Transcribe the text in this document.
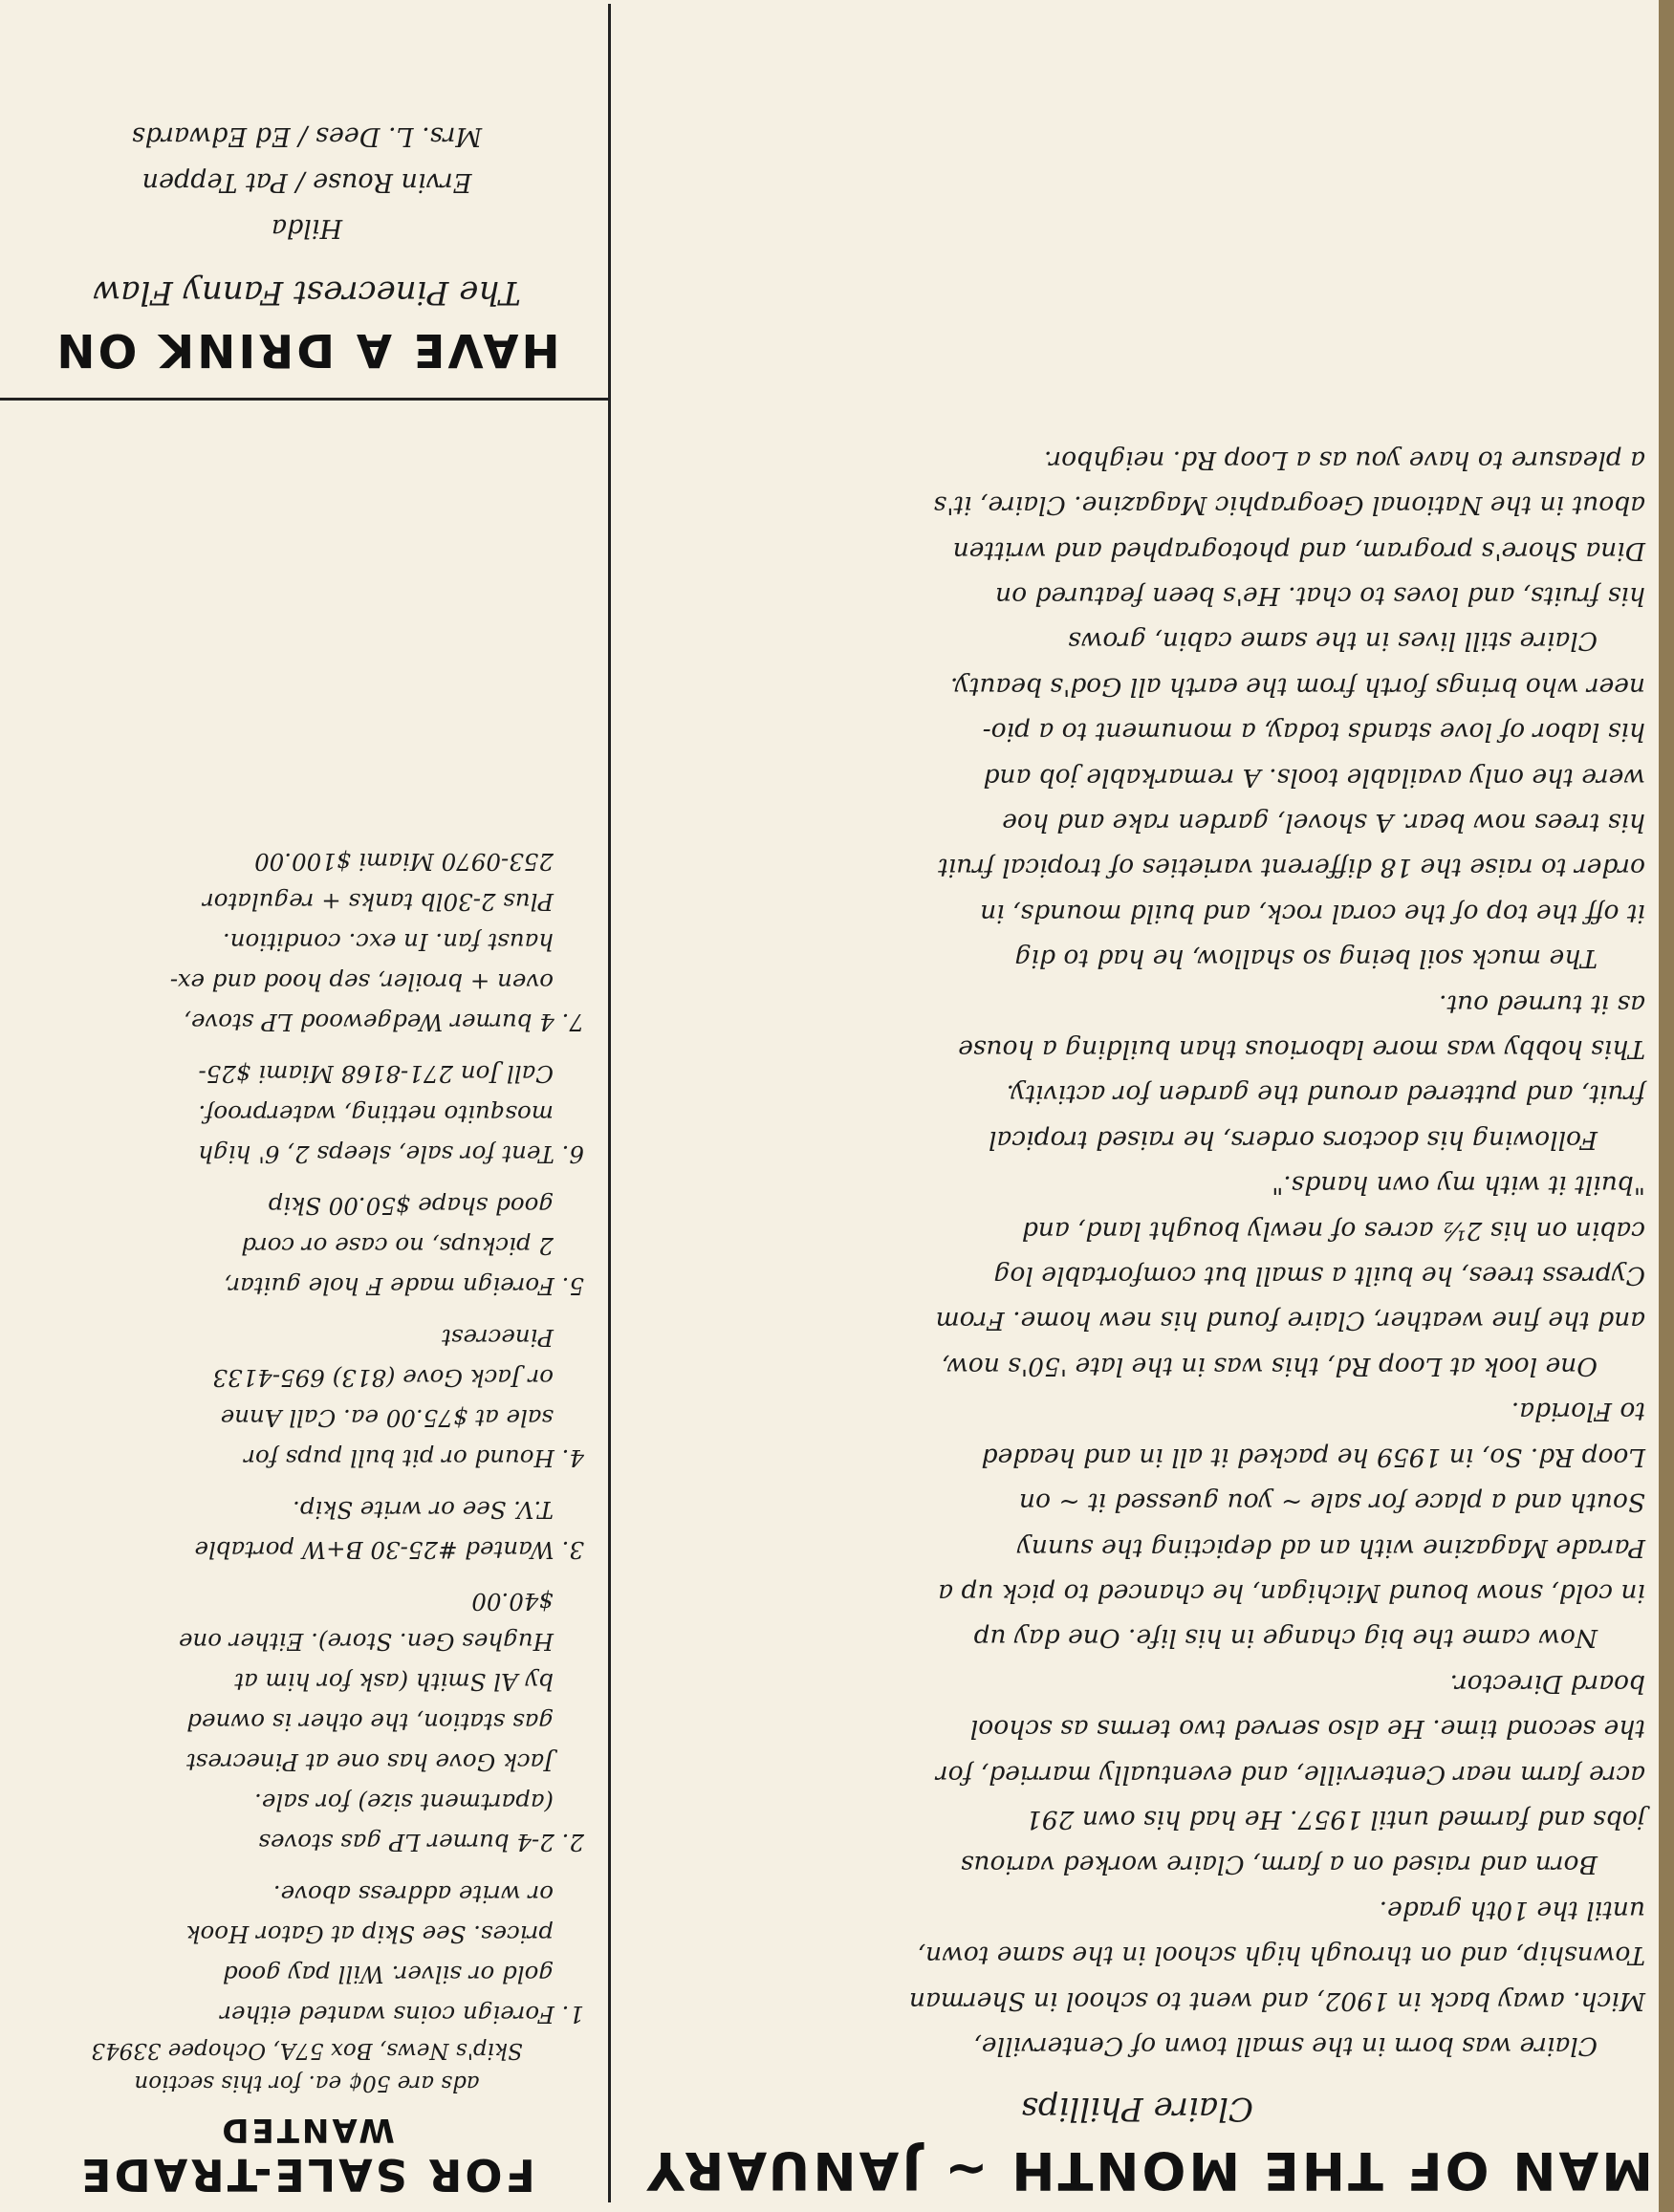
MAN OF THE MONTH ~ JANUARY
Claire Phillips

Claire was born in the small town of Centerville,
Mich. away back in 1902, and went to school in Sherman
Township, and on through high school in the same town,
until the 10th grade.

Born and raised on a farm, Claire worked various
jobs and farmed until 1957. He had his own 291
acre farm near Centerville, and eventually married, for
the second time. He also served two terms as school
board Director.

Now came the big change in his life. One day up
in cold, snow bound Michigan, he chanced to pick up a
Parade Magazine with an ad depicting the sunny
South and a place for sale ~ you guessed it ~ on
Loop Rd. So, in 1959 he packed it all in and headed
to Florida.

One look at Loop Rd, this was in the late '50's now,
and the fine weather, Claire found his new home. From
Cypress trees, he built a small but comfortable log
cabin on his 2½ acres of newly bought land, and
"built it with my own hands."

Following his doctors orders, he raised tropical
fruit, and puttered around the garden for activity.
This hobby was more laborious than building a house
as it turned out.

The muck soil being so shallow, he had to dig
it off the top of the coral rock, and build mounds, in
order to raise the 18 different varieties of tropical fruit
his trees now bear. A shovel, garden rake and hoe
were the only available tools. A remarkable job and
his labor of love stands today, a monument to a pio-
neer who brings forth from the earth all God's beauty.

Claire still lives in the same cabin, grows
his fruits, and loves to chat. He's been featured on
Dina Shore's program, and photographed and written
about in the National Geographic Magazine. Claire, it's
a pleasure to have you as a Loop Rd. neighbor.

FOR SALE-TRADE
WANTED
ads are 50¢ ea. for this section
Skip's News, Box 57A, Ochopee 33943

1. Foreign coins wanted either
gold or silver. Will pay good
prices. See Skip at Gator Hook
or write address above.

2. 2-4 burner LP gas stoves
(apartment size) for sale.
Jack Gove has one at Pinecrest
gas station, the other is owned
by Al Smith (ask for him at
Hughes Gen. Store). Either one
$40.00

3. Wanted #25-30 B+W portable
T.V. See or write Skip.

4. Hound or pit bull pups for
sale at $75.00 ea. Call Anne
or Jack Gove (813) 695-4133
Pinecrest

5. Foreign made F hole guitar,
2 pickups, no case or cord
good shape $50.00 Skip

6. Tent for sale, sleeps 2, 6' high
mosquito netting, waterproof.
Call Jon 271-8168 Miami $25-

7. 4 burner Wedgewood LP stove,
oven + broiler, sep hood and ex-
haust fan. In exc. condition.
Plus 2-30lb tanks + regulator
253-0970 Miami $100.00

HAVE A DRINK ON
The Pinecrest Fanny Flaw
Hilda
Ervin Rouse / Pat Teppen
Mrs. L. Dees / Ed Edwards
